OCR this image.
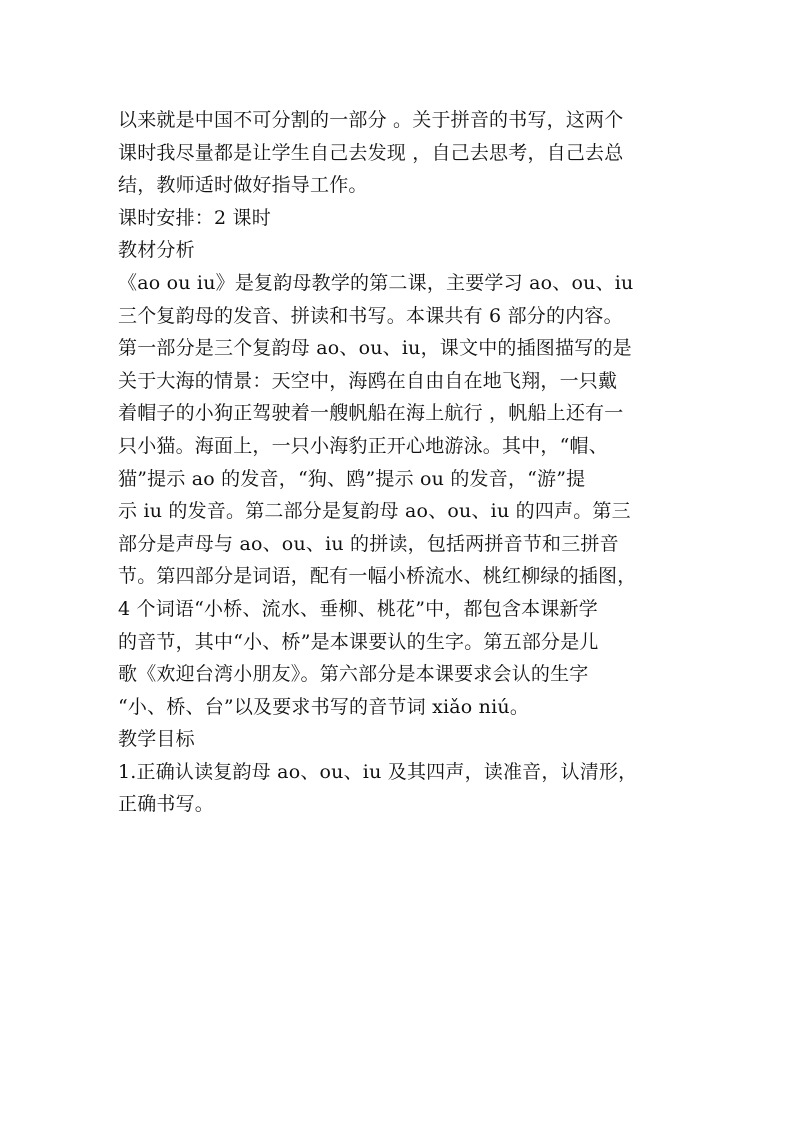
以来就是中国不可分割的一部分 。关于拼音的书写，这两个
课时我尽量都是让学生自己去发现 ，自己去思考，自己去总
结，教师适时做好指导工作。
课时安排：2 课时
教材分析
《ao ou iu》是复韵母教学的第二课，主要学习 ao、ou、iu
三个复韵母的发音、拼读和书写。本课共有 6 部分的内容。
第一部分是三个复韵母 ao、ou、iu，课文中的插图描写的是
关于大海的情景：天空中，海鸥在自由自在地飞翔，一只戴
着帽子的小狗正驾驶着一艘帆船在海上航行 ，帆船上还有一
只小猫。海面上，一只小海豹正开心地游泳。其中，“帽、
猫”提示 ao 的发音，“狗、鸥”提示 ou 的发音，“游”提
示 iu 的发音。第二部分是复韵母 ao、ou、iu 的四声。第三
部分是声母与 ao、ou、iu 的拼读，包括两拼音节和三拼音
节。第四部分是词语，配有一幅小桥流水、桃红柳绿的插图，
4 个词语“小桥、流水、垂柳、桃花”中，都包含本课新学
的音节，其中“小、桥”是本课要认的生字。第五部分是儿
歌《欢迎台湾小朋友》。第六部分是本课要求会认的生字
“小、桥、台”以及要求书写的音节词 xiǎo niú。
教学目标
1.正确认读复韵母 ao、ou、iu 及其四声，读准音，认清形，
正确书写。
